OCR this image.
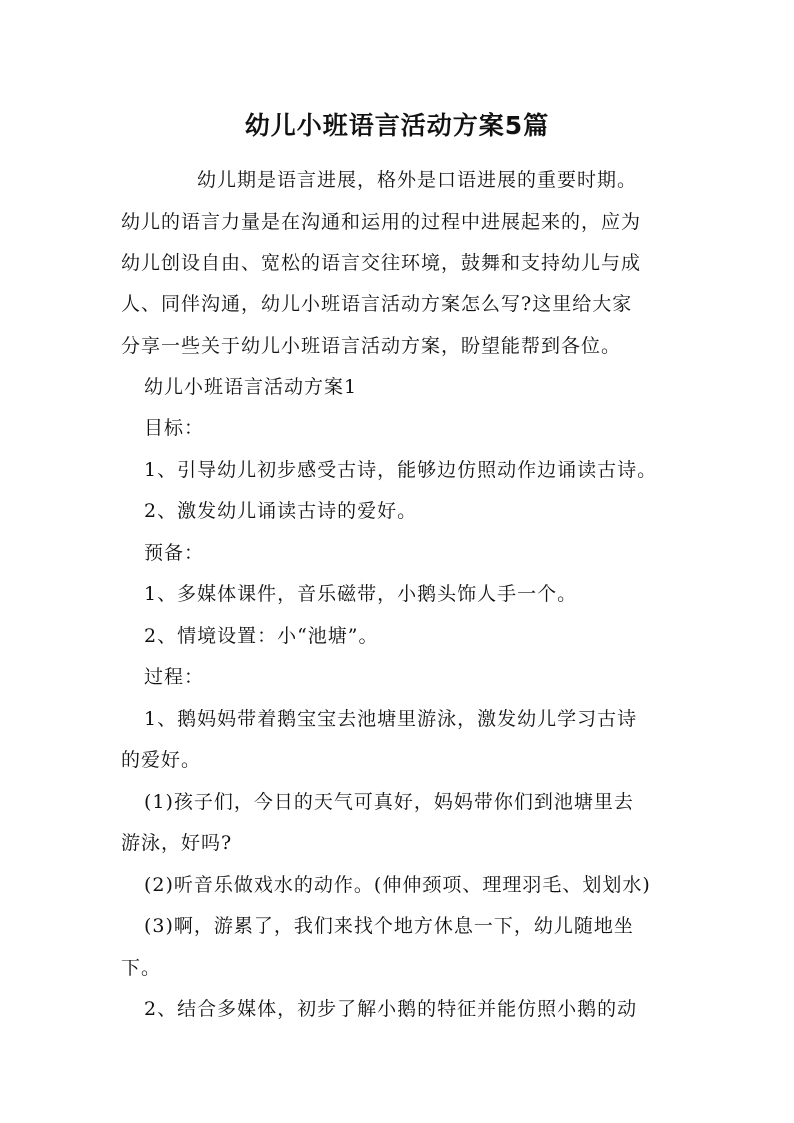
幼儿小班语言活动方案5篇
幼儿期是语言进展，格外是口语进展的重要时期。
幼儿的语言力量是在沟通和运用的过程中进展起来的，应为
幼儿创设自由、宽松的语言交往环境，鼓舞和支持幼儿与成
人、同伴沟通，幼儿小班语言活动方案怎么写?这里给大家
分享一些关于幼儿小班语言活动方案，盼望能帮到各位。
幼儿小班语言活动方案1
目标：
1、引导幼儿初步感受古诗，能够边仿照动作边诵读古诗。
2、激发幼儿诵读古诗的爱好。
预备：
1、多媒体课件，音乐磁带，小鹅头饰人手一个。
2、情境设置：小“池塘”。
过程：
1、鹅妈妈带着鹅宝宝去池塘里游泳，激发幼儿学习古诗
的爱好。
(1)孩子们，今日的天气可真好，妈妈带你们到池塘里去
游泳，好吗?
(2)听音乐做戏水的动作。(伸伸颈项、理理羽毛、划划水)
(3)啊，游累了，我们来找个地方休息一下，幼儿随地坐
下。
2、结合多媒体，初步了解小鹅的特征并能仿照小鹅的动
